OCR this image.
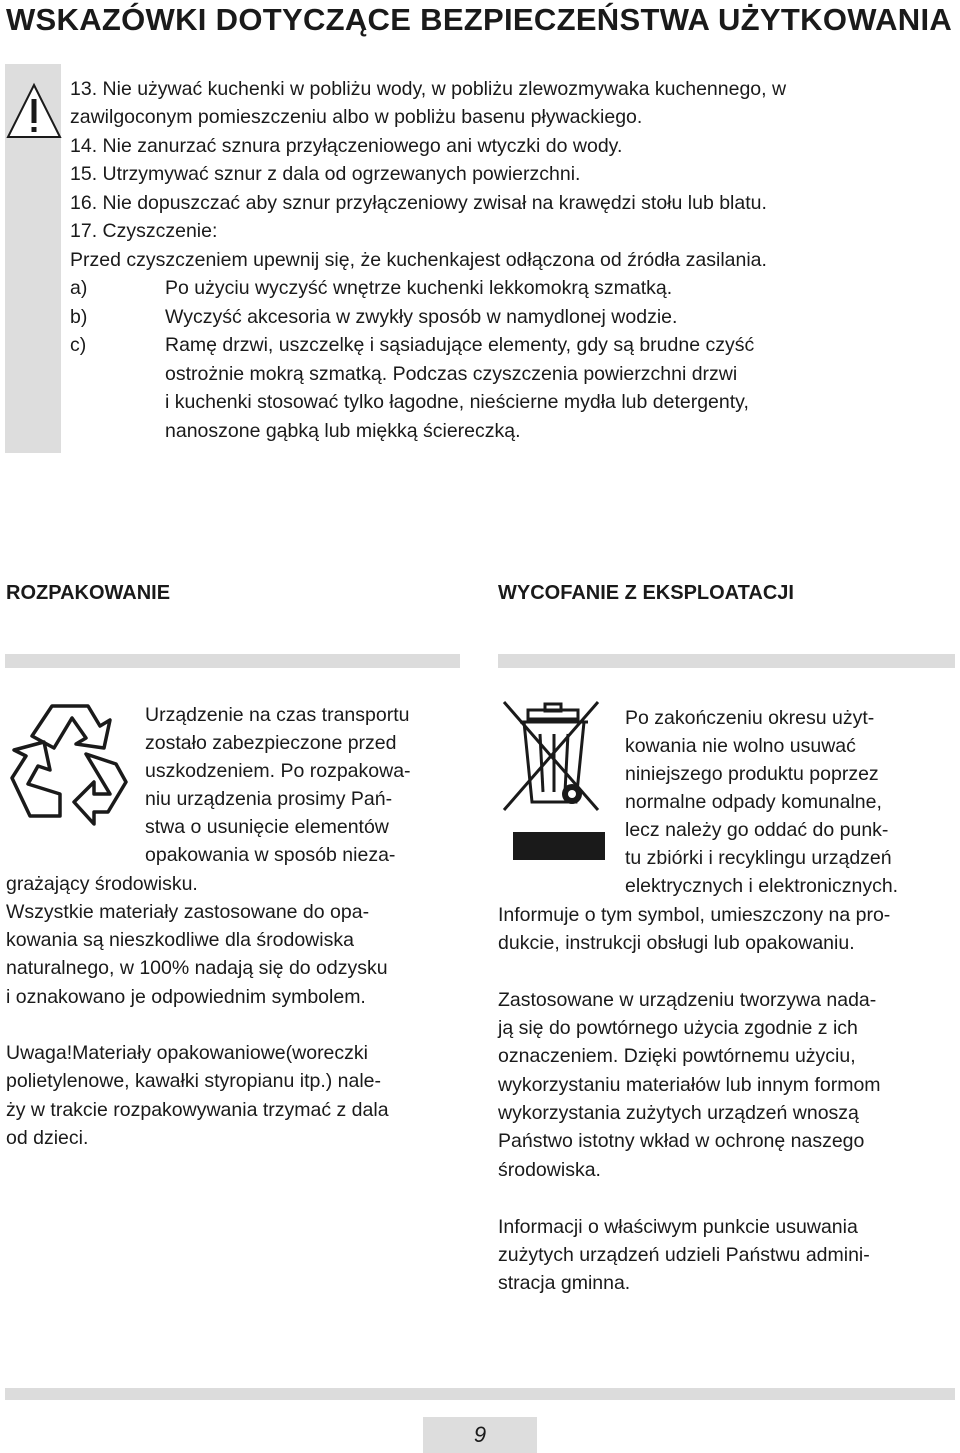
WSKAZÓWKI DOTYCZĄCE BEZPIECZEŃSTWA UŻYTKOWANIA
13. Nie używać kuchenki w pobliżu wody, w pobliżu zlewozmywaka kuchennego, w
zawilgoconym pomieszczeniu albo w pobliżu basenu pływackiego.
14. Nie zanurzać sznura przyłączeniowego ani wtyczki do wody.
15. Utrzymywać sznur z dala od ogrzewanych powierzchni.
16. Nie dopuszczać aby sznur przyłączeniowy zwisał na krawędzi stołu lub blatu.
17. Czyszczenie:
Przed czyszczeniem upewnij się, że kuchenkajest odłączona od źródła zasilania.
a)	Po użyciu wyczyść wnętrze kuchenki lekkomokrą szmatką.
b)	Wyczyść akcesoria w zwykły sposób w namydlonej wodzie.
c)	Ramę drzwi, uszczelkę i sąsiadujące elementy, gdy są brudne czyść
ostrożnie mokrą szmatką. Podczas czyszczenia powierzchni drzwi
i kuchenki stosować tylko łagodne, nieścierne mydła lub detergenty,
nanoszone gąbką lub miękką ściereczką.
ROZPAKOWANIE	WYCOFANIE Z EKSPLOATACJI
Urządzenie na czas transportu
zostało zabezpieczone przed
uszkodzeniem. Po rozpakowa-
niu urządzenia prosimy Pań-
stwa o usunięcie elementów
opakowania w sposób nieza-
grażający środowisku.
Wszystkie materiały zastosowane do opa-
kowania są nieszkodliwe dla środowiska
naturalnego, w 100% nadają się do odzysku
i oznakowano je odpowiednim symbolem.
Uwaga!Materiały opakowaniowe(woreczki
polietylenowe, kawałki styropianu itp.) nale-
ży w trakcie rozpakowywania trzymać z dala
od dzieci.
Po zakończeniu okresu użyt-
kowania nie wolno usuwać
niniejszego produktu poprzez
normalne odpady komunalne,
lecz należy go oddać do punk-
tu zbiórki i recyklingu urządzeń
elektrycznych i elektronicznych.
Informuje o tym symbol, umieszczony na pro-
dukcie, instrukcji obsługi lub opakowaniu.
Zastosowane w urządzeniu tworzywa nada-
ją się do powtórnego użycia zgodnie z ich
oznaczeniem. Dzięki powtórnemu użyciu,
wykorzystaniu materiałów lub innym formom
wykorzystania zużytych urządzeń wnoszą
Państwo istotny wkład w ochronę naszego
środowiska.
Informacji o właściwym punkcie usuwania
zużytych urządzeń udzieli Państwu admini-
stracja gminna.
9
